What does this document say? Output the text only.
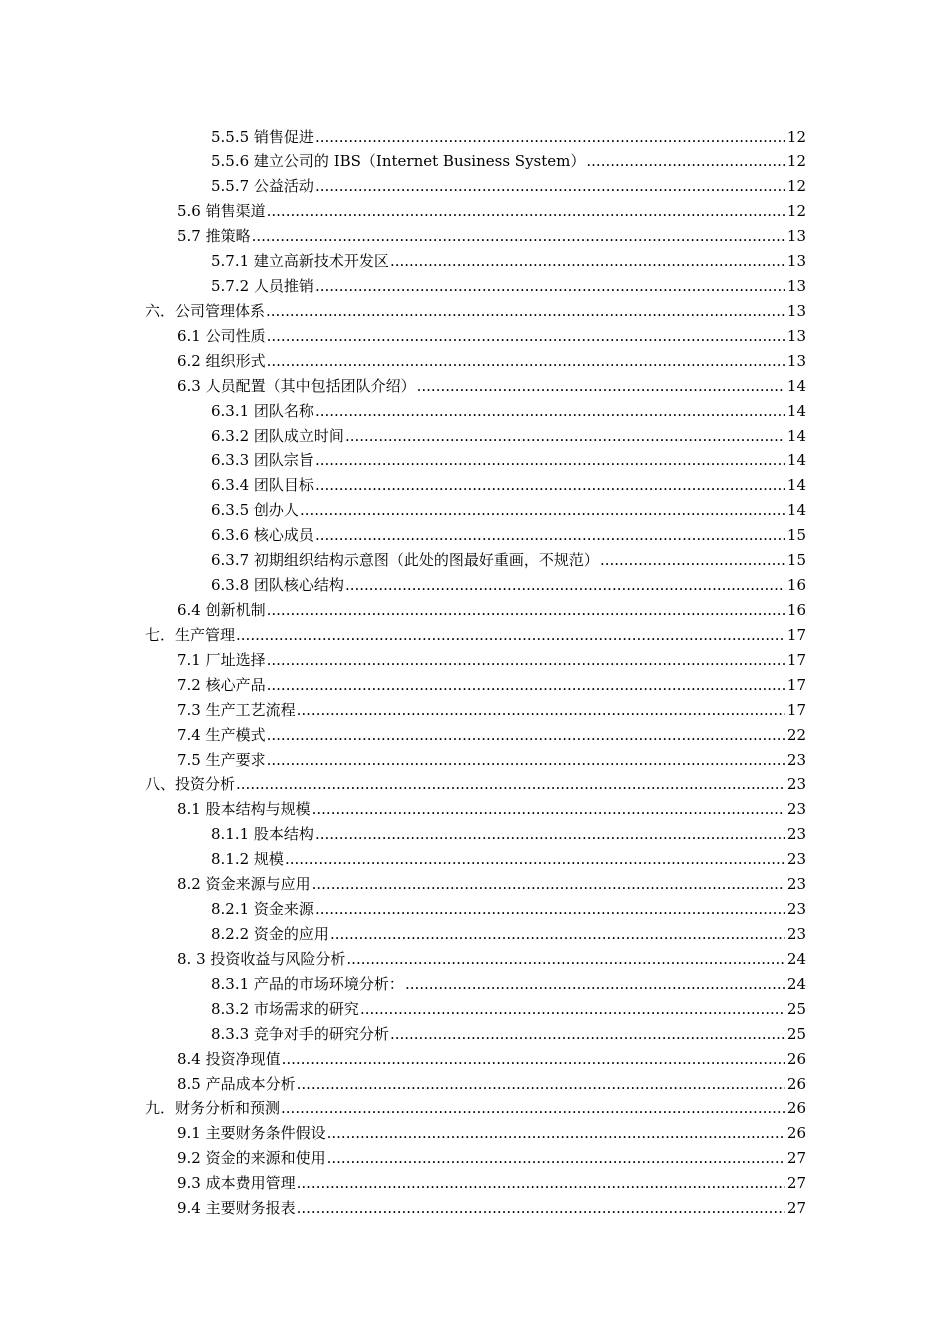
5.5.5 销售促进 .....	12
5.5.6 建立公司的 IBS（Internet Business System） .....	12
5.5.7 公益活动 .....	12
5.6 销售渠道 .....	12
5.7 推策略 .....	13
5.7.1 建立高新技术开发区 .....	13
5.7.2 人员推销 .....	13
六．公司管理体系 .....	13
6.1 公司性质 .....	13
6.2 组织形式 .....	13
6.3 人员配置（其中包括团队介绍） .....	14
6.3.1 团队名称 .....	14
6.3.2 团队成立时间 .....	14
6.3.3 团队宗旨 .....	14
6.3.4 团队目标 .....	14
6.3.5 创办人 .....	14
6.3.6 核心成员 .....	15
6.3.7 初期组织结构示意图（此处的图最好重画，不规范） .....	15
6.3.8 团队核心结构 .....	16
6.4 创新机制 .....	16
七．生产管理 .....	17
7.1 厂址选择 .....	17
7.2 核心产品 .....	17
7.3 生产工艺流程 .....	17
7.4 生产模式 .....	22
7.5 生产要求 .....	23
八、投资分析 .....	23
8.1 股本结构与规模 .....	23
8.1.1 股本结构 .....	23
8.1.2 规模 .....	23
8.2 资金来源与应用 .....	23
8.2.1 资金来源 .....	23
8.2.2 资金的应用 .....	23
8. 3 投资收益与风险分析 .....	24
8.3.1 产品的市场环境分析： .....	24
8.3.2 市场需求的研究 .....	25
8.3.3 竞争对手的研究分析 .....	25
8.4 投资净现值 .....	26
8.5 产品成本分析 .....	26
九．财务分析和预测 .....	26
9.1 主要财务条件假设 .....	26
9.2 资金的来源和使用 .....	27
9.3 成本费用管理 .....	27
9.4 主要财务报表 .....	27
